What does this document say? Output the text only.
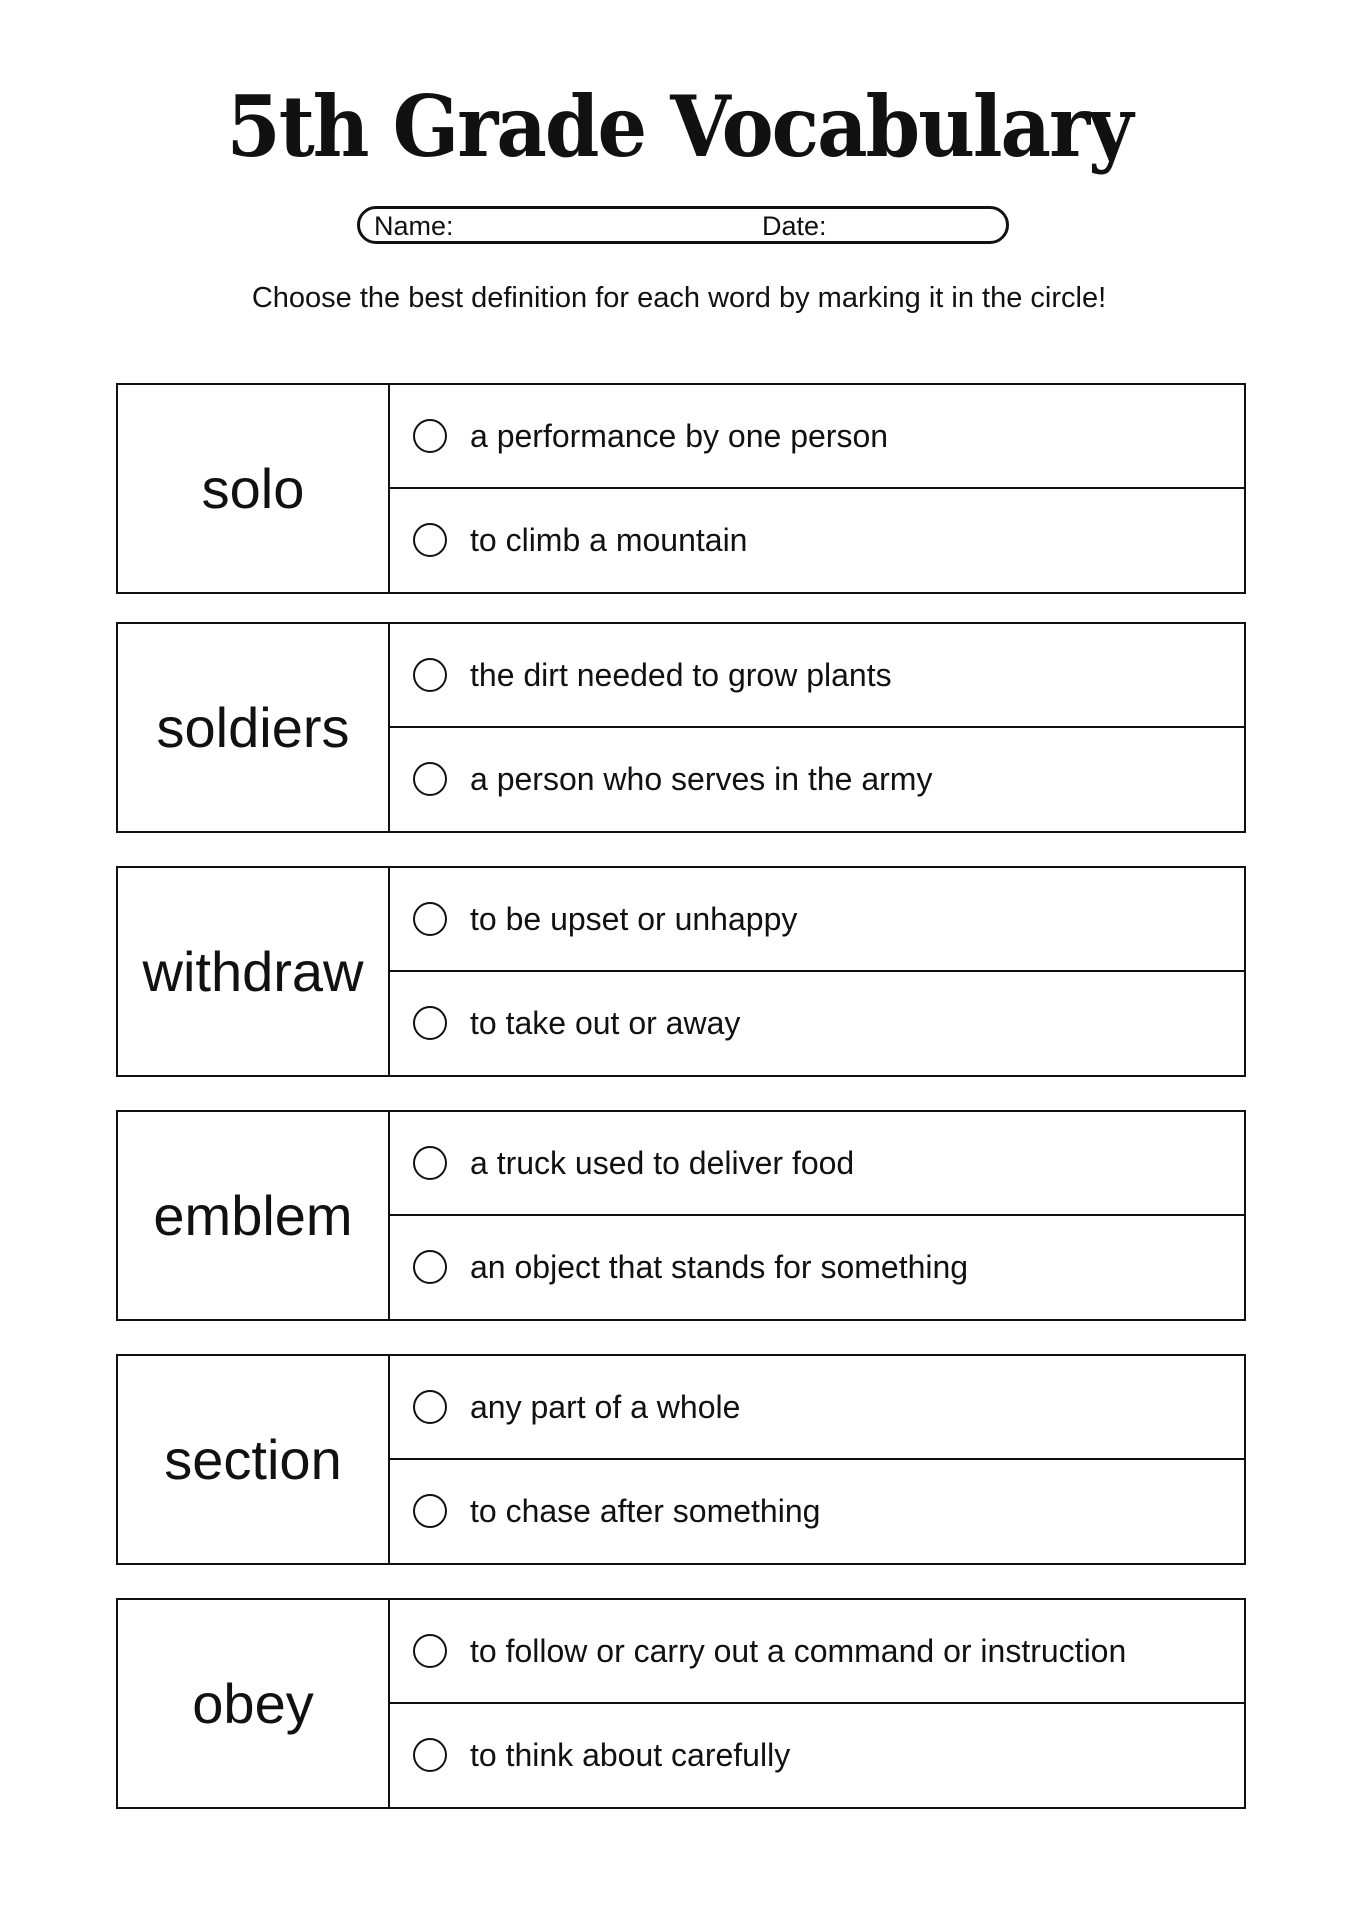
5th Grade Vocabulary
Name:	Date:
Choose the best definition for each word by marking it in the circle!
solo
a performance by one person
to climb a mountain
soldiers
the dirt needed to grow plants
a person who serves in the army
withdraw
to be upset or unhappy
to take out or away
emblem
a truck used to deliver food
an object that stands for something
section
any part of a whole
to chase after something
obey
to follow or carry out a command or instruction
to think about carefully
